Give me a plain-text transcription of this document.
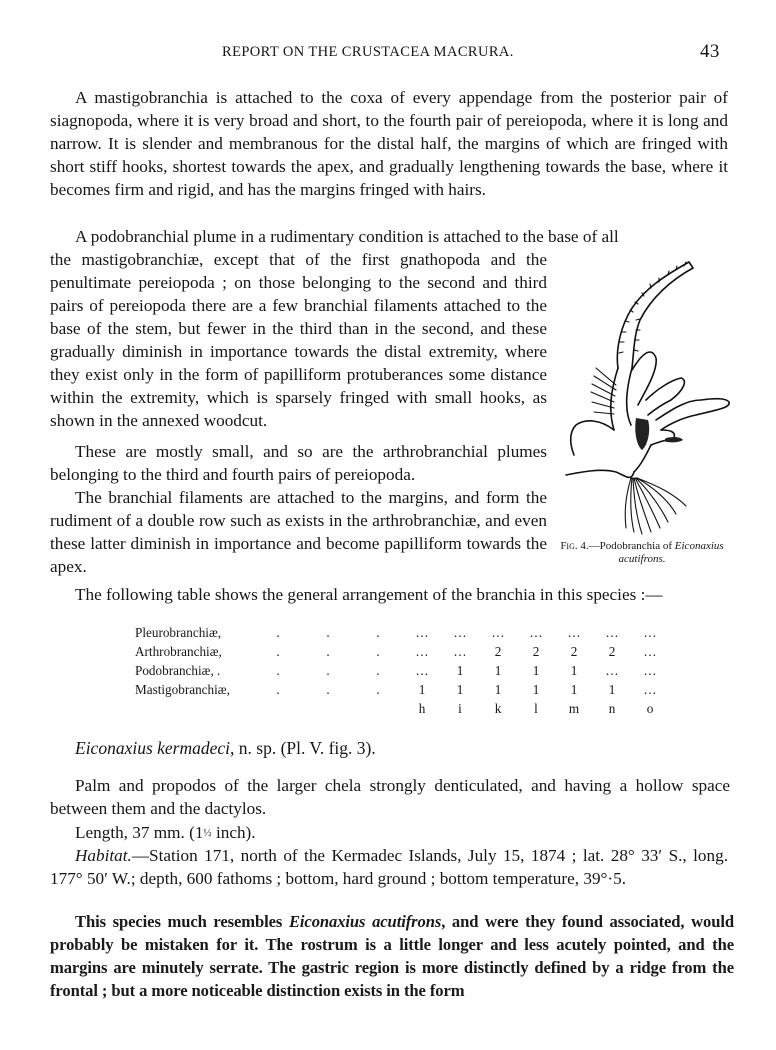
REPORT ON THE CRUSTACEA MACRURA.	43

A mastigobranchia is attached to the coxa of every appendage from the posterior pair of siagnopoda, where it is very broad and short, to the fourth pair of pereiopoda, where it is long and narrow. It is slender and membranous for the distal half, the margins of which are fringed with short stiff hooks, shortest towards the apex, and gradually lengthening towards the base, where it becomes firm and rigid, and has the margins fringed with hairs.

A podobranchial plume in a rudimentary condition is attached to the base of all

the mastigobranchiæ, except that of the first gnathopoda and the penultimate pereiopoda ; on those belonging to the second and third pairs of pereiopoda there are a few branchial filaments attached to the base of the stem, but fewer in the third than in the second, and these gradually diminish in importance towards the distal extremity, where they exist only in the form of papilliform protuberances some distance within the extremity, which is sparsely fringed with small hooks, as shown in the annexed woodcut.

These are mostly small, and so are the arthrobranchial plumes belonging to the third and fourth pairs of pereiopoda.

The branchial filaments are attached to the margins, and form the rudiment of a double row such as exists in the arthrobranchiæ, and even these latter diminish in importance and become papilliform towards the apex.

Fig. 4.—Podobranchia of Eiconaxius acutifrons.

The following table shows the general arrangement of the branchia in this species :—

Pleurobranchiæ,	.	.	.	…	…	…	…	…	…	…
Arthrobranchiæ,	.	.	.	…	…	2	2	2	2	…
Podobranchiæ, .	.	.	.	…	1	1	1	1	…	…
Mastigobranchiæ,	.	.	.	1	1	1	1	1	1	…
				h	i	k	l	m	n	o
Eiconaxius kermadeci, n. sp. (Pl. V. fig. 3).

Palm and propodos of the larger chela strongly denticulated, and having a hollow space between them and the dactylos.

Length, 37 mm. (1½ inch).

Habitat.—Station 171, north of the Kermadec Islands, July 15, 1874 ; lat. 28° 33′ S., long. 177° 50′ W.; depth, 600 fathoms ; bottom, hard ground ; bottom temperature, 39°·5.

This species much resembles Eiconaxius acutifrons, and were they found associated, would probably be mistaken for it. The rostrum is a little longer and less acutely pointed, and the margins are minutely serrate. The gastric region is more distinctly defined by a ridge from the frontal ; but a more noticeable distinction exists in the form
